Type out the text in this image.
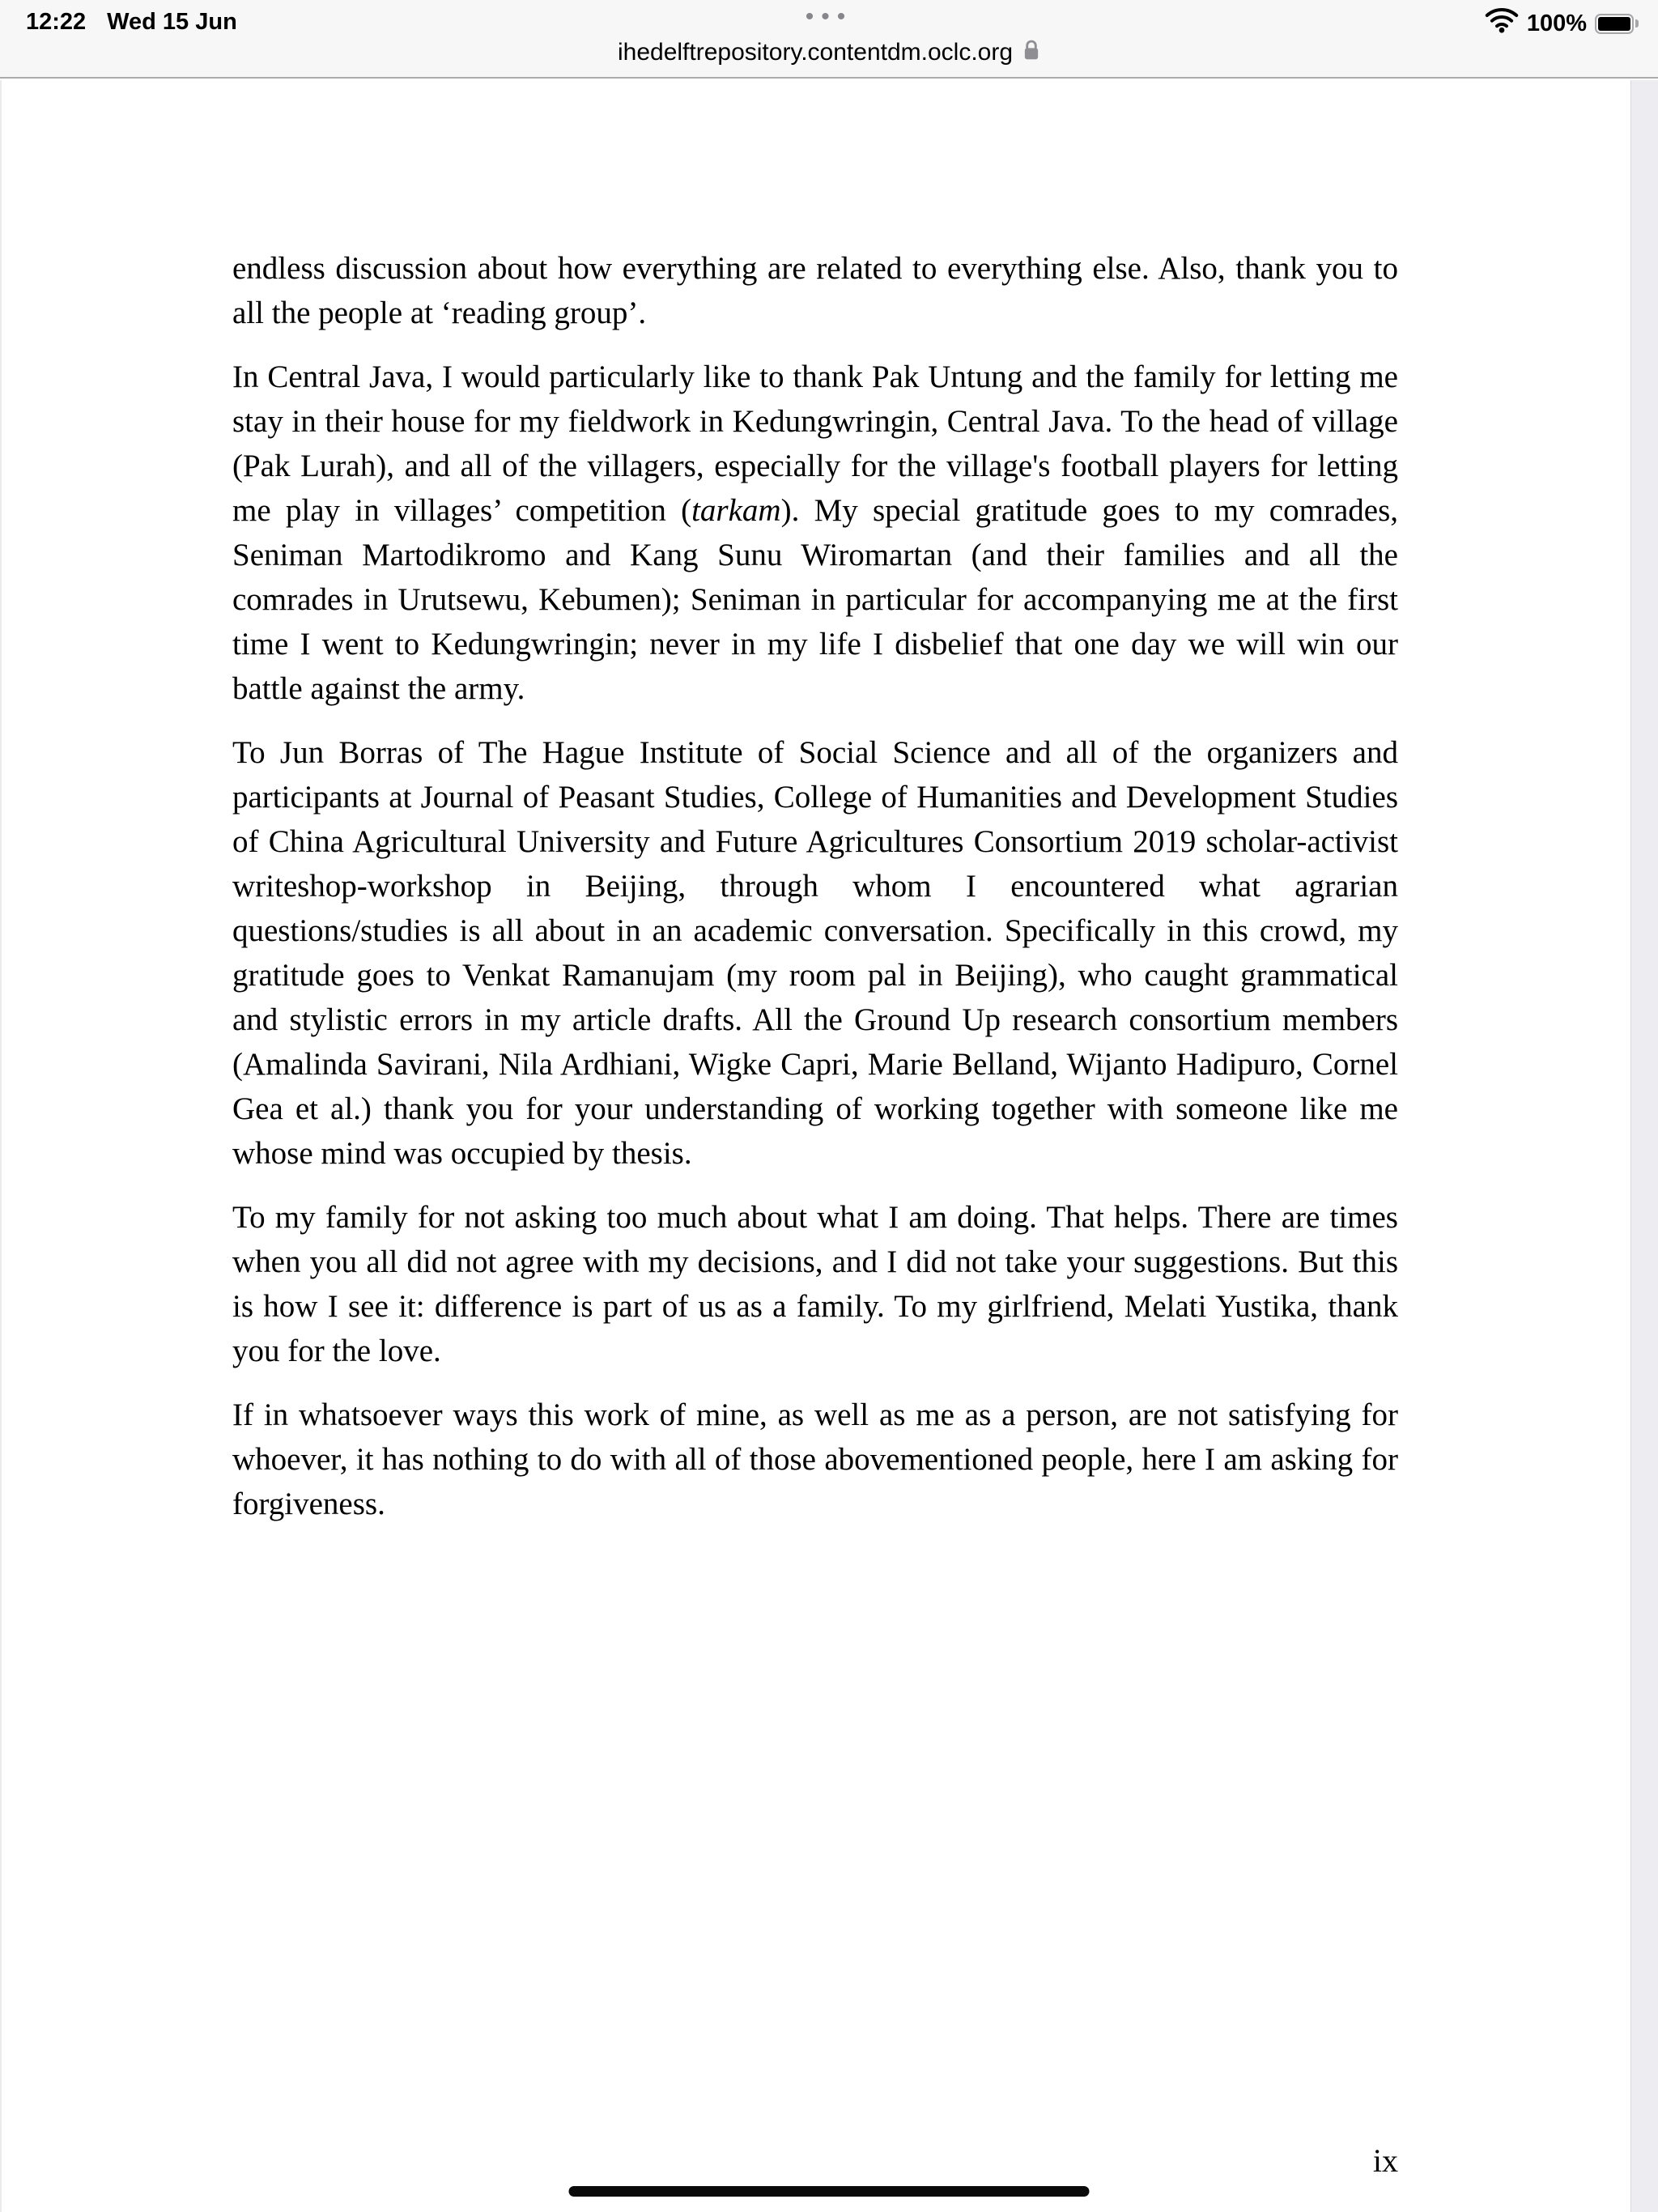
12:22 Wed 15 Jun	•••	100%
ihedelftrepository.contentdm.oclc.org

endless discussion about how everything are related to everything else. Also, thank you to all the people at ‘reading group’.

In Central Java, I would particularly like to thank Pak Untung and the family for letting me stay in their house for my fieldwork in Kedungwringin, Central Java. To the head of village (Pak Lurah), and all of the villagers, especially for the village's football players for letting me play in villages’ competition (tarkam). My special gratitude goes to my comrades, Seniman Martodikromo and Kang Sunu Wiromartan (and their families and all the comrades in Urutsewu, Kebumen); Seniman in particular for accompanying me at the first time I went to Kedungwringin; never in my life I disbelief that one day we will win our battle against the army.

To Jun Borras of The Hague Institute of Social Science and all of the organizers and participants at Journal of Peasant Studies, College of Humanities and Development Studies of China Agricultural University and Future Agricultures Consortium 2019 scholar-activist writeshop-workshop in Beijing, through whom I encountered what agrarian questions/studies is all about in an academic conversation. Specifically in this crowd, my gratitude goes to Venkat Ramanujam (my room pal in Beijing), who caught grammatical and stylistic errors in my article drafts. All the Ground Up research consortium members (Amalinda Savirani, Nila Ardhiani, Wigke Capri, Marie Belland, Wijanto Hadipuro, Cornel Gea et al.) thank you for your understanding of working together with someone like me whose mind was occupied by thesis.

To my family for not asking too much about what I am doing. That helps. There are times when you all did not agree with my decisions, and I did not take your suggestions. But this is how I see it: difference is part of us as a family. To my girlfriend, Melati Yustika, thank you for the love.

If in whatsoever ways this work of mine, as well as me as a person, are not satisfying for whoever, it has nothing to do with all of those abovementioned people, here I am asking for forgiveness.

ix
